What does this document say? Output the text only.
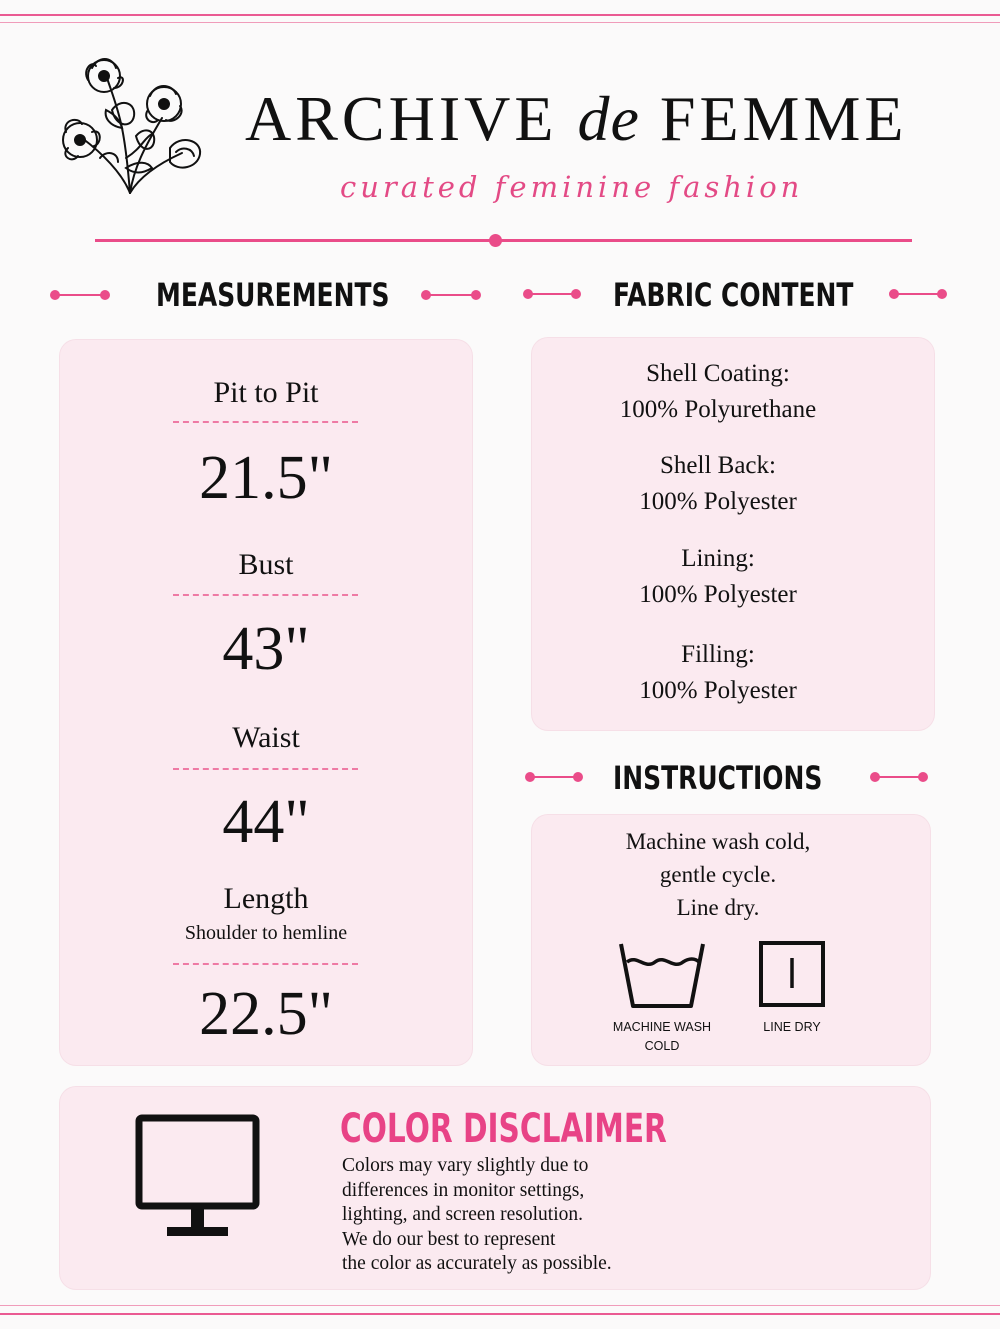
ARCHIVE de FEMME
curated feminine fashion
MEASUREMENTS	FABRIC CONTENT
Pit to Pit
21.5"
Bust
43"
Waist
44"
Length
Shoulder to hemline
22.5"
Shell Coating:
100% Polyurethane
Shell Back:
100% Polyester
Lining:
100% Polyester
Filling:
100% Polyester
INSTRUCTIONS
Machine wash cold,
gentle cycle.
Line dry.
MACHINE WASH
COLD
LINE DRY
COLOR DISCLAIMER
Colors may vary slightly due to
differences in monitor settings,
lighting, and screen resolution.
We do our best to represent
the color as accurately as possible.
